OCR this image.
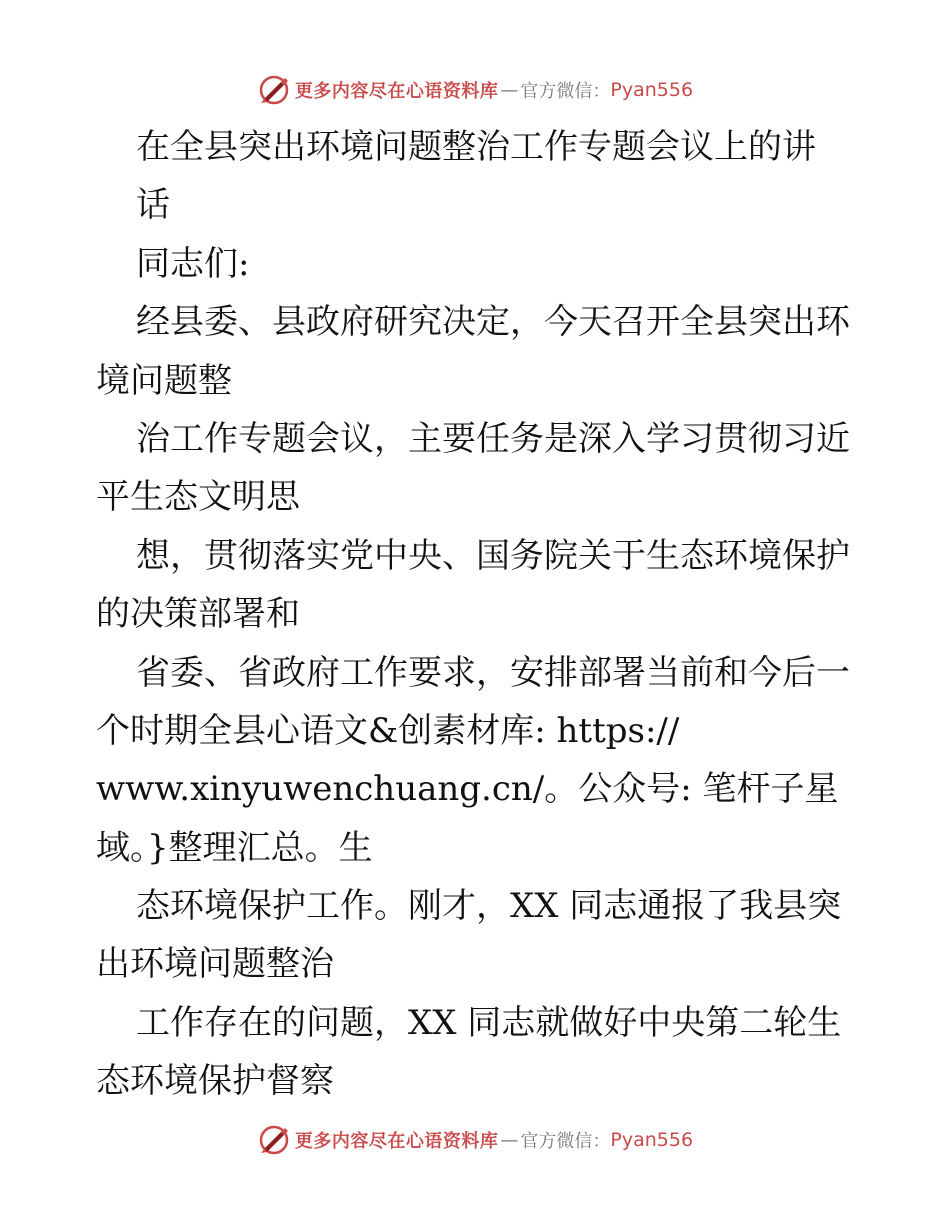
更多内容尽在心语资料库 — 官方微信： Pyan556
在全县突出环境问题整治工作专题会议上的讲
话
同志们:
经县委、县政府研究决定，今天召开全县突出环
境问题整
治工作专题会议，主要任务是深入学习贯彻习近
平生态文明思
想，贯彻落实党中央、国务院关于生态环境保护
的决策部署和
省委、省政府工作要求，安排部署当前和今后一
个时期全县心语文&创素材库: https://
www.xinyuwenchuang.cn/。公众号: 笔杆子星
域。}整理汇总。生
态环境保护工作。刚才，XX 同志通报了我县突
出环境问题整治
工作存在的问题，XX 同志就做好中央第二轮生
态环境保护督察
更多内容尽在心语资料库 — 官方微信： Pyan556
